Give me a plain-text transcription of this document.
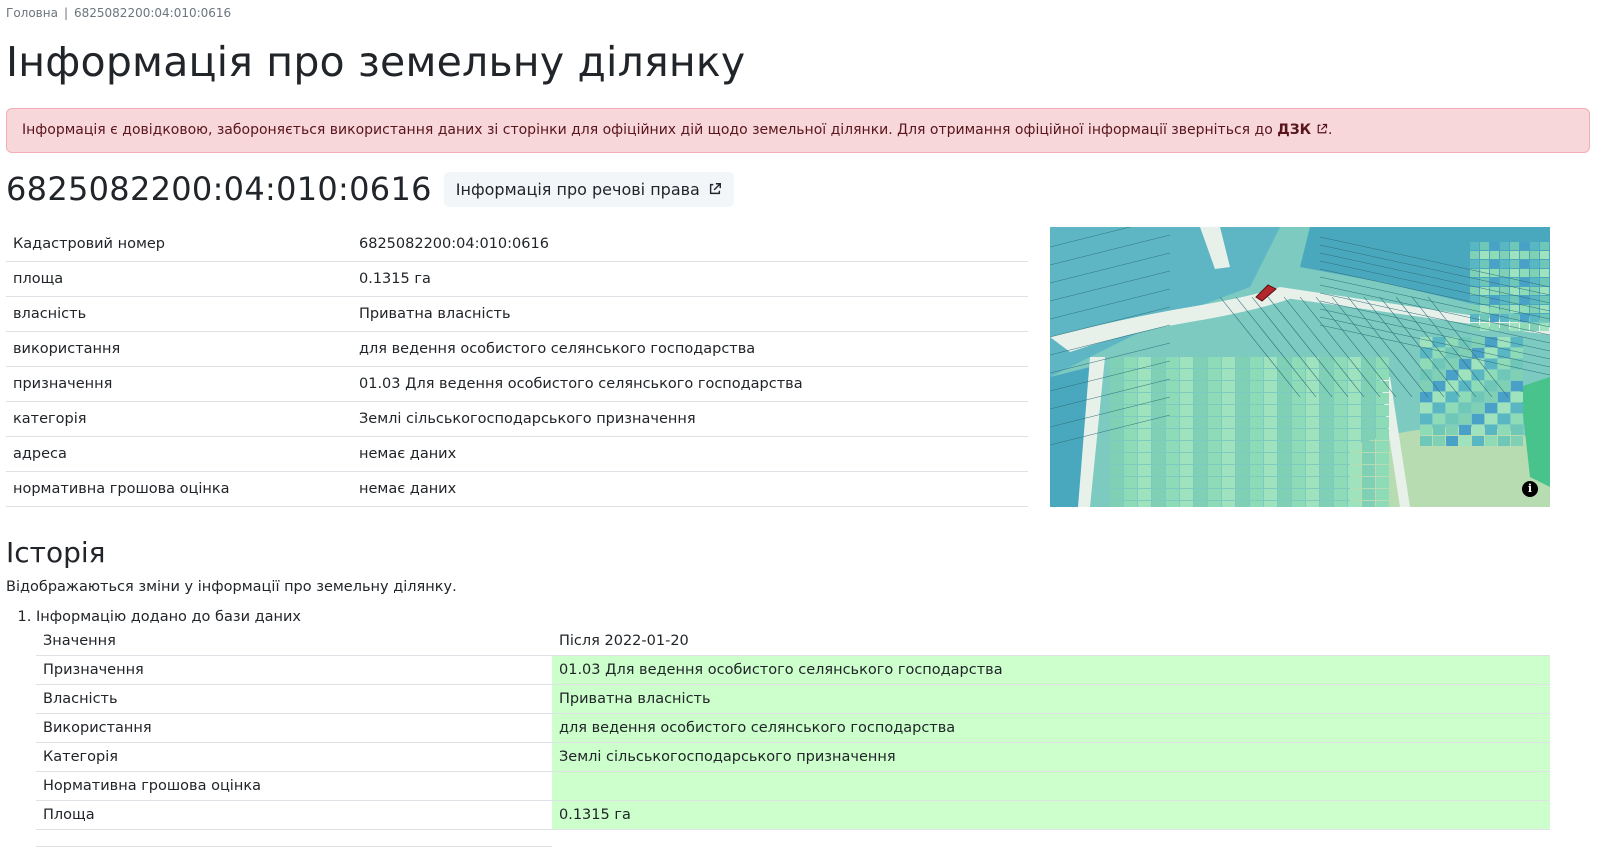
Головна | 6825082200:04:010:0616
Інформація про земельну ділянку
Інформація є довідковою, забороняється використання даних зі сторінки для офіційних дій щодо земельної ділянки. Для отримання офіційної інформації зверніться до ДЗК .
6825082200:04:010:0616 Інформація про речові права
Кадастровий номер	6825082200:04:010:0616
площа	0.1315 га
власність	Приватна власність
використання	для ведення особистого селянського господарства
призначення	01.03 Для ведення особистого селянського господарства
категорія	Землі сільськогосподарського призначення
адреса	немає даних
нормативна грошова оцінка	немає даних	i
Історія
Відображаються зміни у інформації про земельну ділянку.
1. Інформацію додано до бази даних
Значення	Після 2022-01-20
Призначення	01.03 Для ведення особистого селянського господарства
Власність	Приватна власність
Використання	для ведення особистого селянського господарства
Категорія	Землі сільськогосподарського призначення
Нормативна грошова оцінка	
Площа	0.1315 га
